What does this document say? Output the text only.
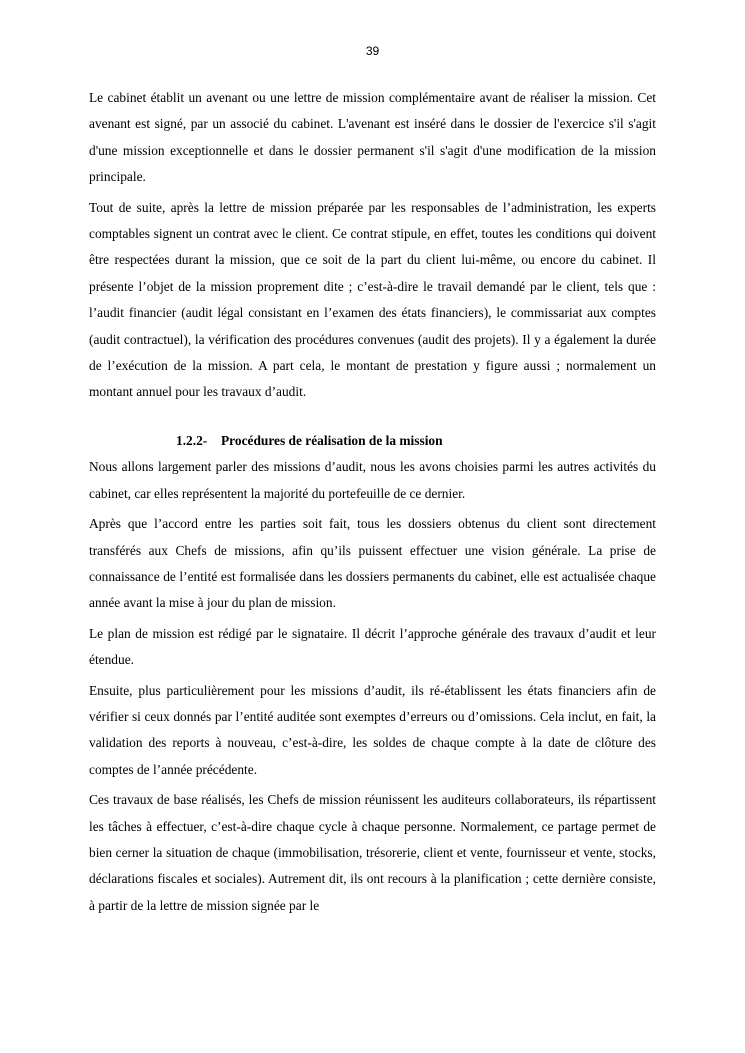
39

Le cabinet établit un avenant ou une lettre de mission complémentaire avant de réaliser la mission. Cet avenant est signé, par un associé du cabinet. L'avenant est inséré dans le dossier de l'exercice s'il s'agit d'une mission exceptionnelle et dans le dossier permanent s'il s'agit d'une modification de la mission principale.

Tout de suite, après la lettre de mission préparée par les responsables de l’administration, les experts comptables signent un contrat avec le client. Ce contrat stipule, en effet, toutes les conditions qui doivent être respectées durant la mission, que ce soit de la part du client lui-même, ou encore du cabinet. Il présente l’objet de la mission proprement dite ; c’est-à-dire le travail demandé par le client, tels que : l’audit financier (audit légal consistant en l’examen des états financiers), le commissariat aux comptes (audit contractuel), la vérification des procédures convenues (audit des projets). Il y a également la durée de l’exécution de la mission. A part cela, le montant de prestation y figure aussi ; normalement un montant annuel pour les travaux d’audit.

1.2.2- Procédures de réalisation de la mission

Nous allons largement parler des missions d’audit, nous les avons choisies parmi les autres activités du cabinet, car elles représentent la majorité du portefeuille de ce dernier.

Après que l’accord entre les parties soit fait, tous les dossiers obtenus du client sont directement transférés aux Chefs de missions, afin qu’ils puissent effectuer une vision générale. La prise de connaissance de l’entité est formalisée dans les dossiers permanents du cabinet, elle est actualisée chaque année avant la mise à jour du plan de mission.

Le plan de mission est rédigé par le signataire. Il décrit l’approche générale des travaux d’audit et leur étendue.

Ensuite, plus particulièrement pour les missions d’audit, ils ré-établissent les états financiers afin de vérifier si ceux donnés par l’entité auditée sont exemptes d’erreurs ou d’omissions. Cela inclut, en fait, la validation des reports à nouveau, c’est-à-dire, les soldes de chaque compte à la date de clôture des comptes de l’année précédente.

Ces travaux de base réalisés, les Chefs de mission réunissent les auditeurs collaborateurs, ils répartissent les tâches à effectuer, c’est-à-dire chaque cycle à chaque personne. Normalement, ce partage permet de bien cerner la situation de chaque (immobilisation, trésorerie, client et vente, fournisseur et vente, stocks, déclarations fiscales et sociales). Autrement dit, ils ont recours à la planification ; cette dernière consiste, à partir de la lettre de mission signée par le
